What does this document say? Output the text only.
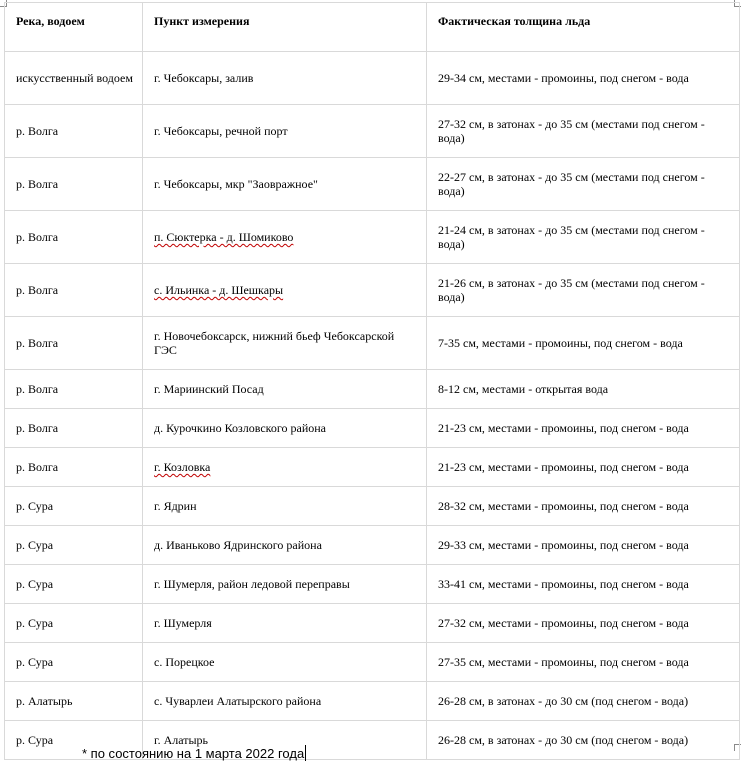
Река, водоем	Пункт измерения	Фактическая толщина льда
искусственный водоем	г. Чебоксары, залив	29-34 см, местами - промоины, под снегом - вода
р. Волга	г. Чебоксары, речной порт	27-32 см, в затонах - до 35 см (местами под снегом - вода)
р. Волга	г. Чебоксары, мкр "Заовражное"	22-27 см, в затонах - до 35 см (местами под снегом - вода)
р. Волга	п. Сюктерка - д. Шомиково	21-24 см, в затонах - до 35 см (местами под снегом - вода)
р. Волга	с. Ильинка - д. Шешкары	21-26 см, в затонах - до 35 см (местами под снегом - вода)
р. Волга	г. Новочебоксарск, нижний бьеф Чебоксарской ГЭС	7-35 см, местами - промоины, под снегом - вода
р. Волга	г. Мариинский Посад	8-12 см, местами - открытая вода
р. Волга	д. Курочкино Козловского района	21-23 см, местами - промоины, под снегом - вода
р. Волга	г. Козловка	21-23 см, местами - промоины, под снегом - вода
р. Сура	г. Ядрин	28-32 см, местами - промоины, под снегом - вода
р. Сура	д. Иваньково Ядринского района	29-33 см, местами - промоины, под снегом - вода
р. Сура	г. Шумерля, район ледовой переправы	33-41 см, местами - промоины, под снегом - вода
р. Сура	г. Шумерля	27-32 см, местами - промоины, под снегом - вода
р. Сура	с. Порецкое	27-35 см, местами - промоины, под снегом - вода
р. Алатырь	с. Чуварлеи Алатырского района	26-28 см, в затонах - до 30 см (под снегом - вода)
р. Сура	г. Алатырь	26-28 см, в затонах - до 30 см (под снегом - вода)
* по состоянию на 1 марта 2022 года
